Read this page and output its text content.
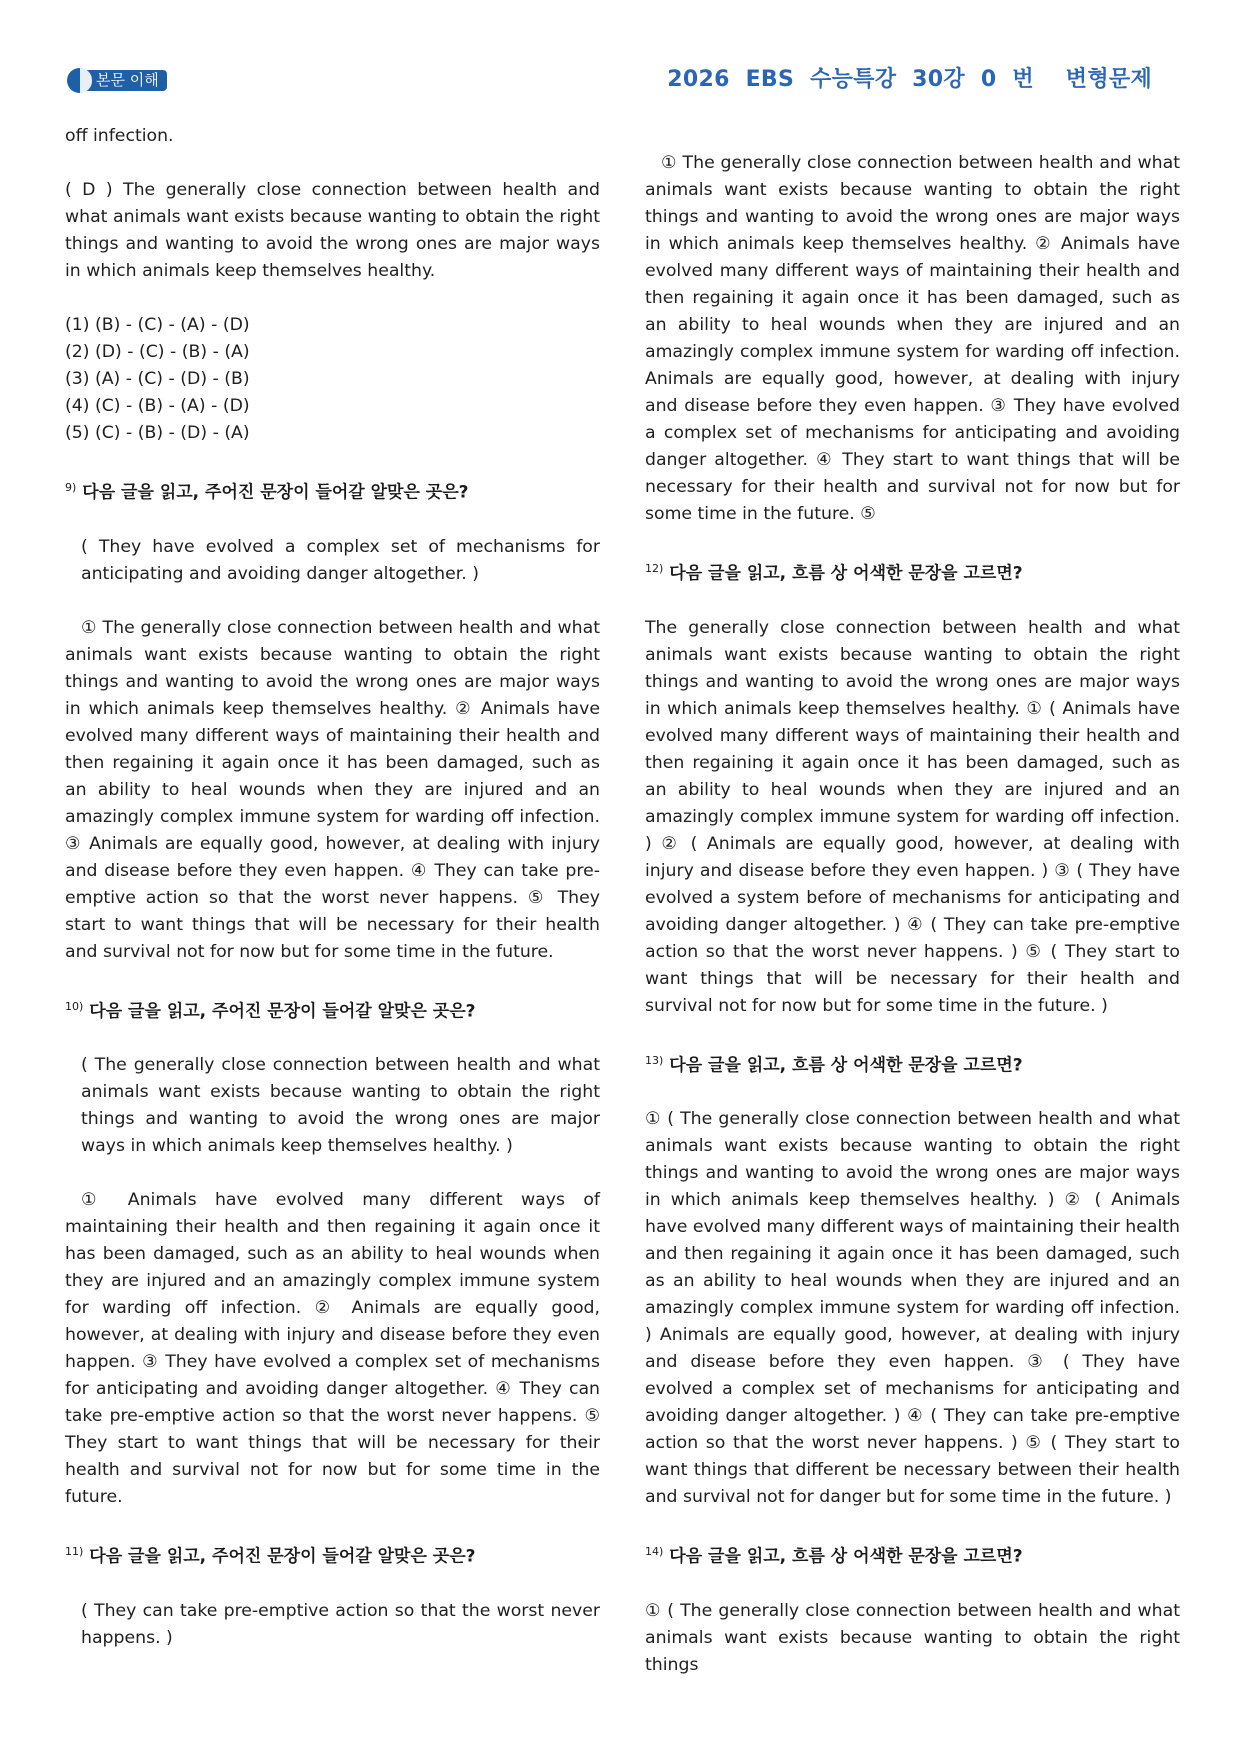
본문 이해	2026  EBS  수능특강  30강  0  번    변형문제

off infection.

( D ) The generally close connection between health and what animals want exists because wanting to obtain the right things and wanting to avoid the wrong ones are major ways in which animals keep themselves healthy.

(1) (B) - (C) - (A) - (D)

(2) (D) - (C) - (B) - (A)

(3) (A) - (C) - (D) - (B)

(4) (C) - (B) - (A) - (D)

(5) (C) - (B) - (D) - (A)

$^{9)}$ 다음 글을 읽고, 주어진 문장이 들어갈 알맞은 곳은?

( They have evolved a complex set of mechanisms for anticipating and avoiding danger altogether. )

① The generally close connection between health and what animals want exists because wanting to obtain the right things and wanting to avoid the wrong ones are major ways in which animals keep themselves healthy. ② Animals have evolved many different ways of maintaining their health and then regaining it again once it has been damaged, such as an ability to heal wounds when they are injured and an amazingly complex immune system for warding off infection. ③ Animals are equally good, however, at dealing with injury and disease before they even happen. ④ They can take pre-emptive action so that the worst never happens. ⑤ They start to want things that will be necessary for their health and survival not for now but for some time in the future.

$^{10)}$ 다음 글을 읽고, 주어진 문장이 들어갈 알맞은 곳은?

( The generally close connection between health and what animals want exists because wanting to obtain the right things and wanting to avoid the wrong ones are major ways in which animals keep themselves healthy. )

① Animals have evolved many different ways of maintaining their health and then regaining it again once it has been damaged, such as an ability to heal wounds when they are injured and an amazingly complex immune system for warding off infection. ② Animals are equally good, however, at dealing with injury and disease before they even happen. ③ They have evolved a complex set of mechanisms for anticipating and avoiding danger altogether. ④ They can take pre-emptive action so that the worst never happens. ⑤ They start to want things that will be necessary for their health and survival not for now but for some time in the future.

$^{11)}$ 다음 글을 읽고, 주어진 문장이 들어갈 알맞은 곳은?

( They can take pre-emptive action so that the worst never happens. )

① The generally close connection between health and what animals want exists because wanting to obtain the right things and wanting to avoid the wrong ones are major ways in which animals keep themselves healthy. ② Animals have evolved many different ways of maintaining their health and then regaining it again once it has been damaged, such as an ability to heal wounds when they are injured and an amazingly complex immune system for warding off infection. Animals are equally good, however, at dealing with injury and disease before they even happen. ③ They have evolved a complex set of mechanisms for anticipating and avoiding danger altogether. ④ They start to want things that will be necessary for their health and survival not for now but for some time in the future. ⑤

$^{12)}$ 다음 글을 읽고, 흐름 상 어색한 문장을 고르면?

The generally close connection between health and what animals want exists because wanting to obtain the right things and wanting to avoid the wrong ones are major ways in which animals keep themselves healthy. ① ( Animals have evolved many different ways of maintaining their health and then regaining it again once it has been damaged, such as an ability to heal wounds when they are injured and an amazingly complex immune system for warding off infection. ) ② ( Animals are equally good, however, at dealing with injury and disease before they even happen. ) ③ ( They have evolved a system before of mechanisms for anticipating and avoiding danger altogether. ) ④ ( They can take pre-emptive action so that the worst never happens. ) ⑤ ( They start to want things that will be necessary for their health and survival not for now but for some time in the future. )

$^{13)}$ 다음 글을 읽고, 흐름 상 어색한 문장을 고르면?

① ( The generally close connection between health and what animals want exists because wanting to obtain the right things and wanting to avoid the wrong ones are major ways in which animals keep themselves healthy. ) ② ( Animals have evolved many different ways of maintaining their health and then regaining it again once it has been damaged, such as an ability to heal wounds when they are injured and an amazingly complex immune system for warding off infection. ) Animals are equally good, however, at dealing with injury and disease before they even happen. ③ ( They have evolved a complex set of mechanisms for anticipating and avoiding danger altogether. ) ④ ( They can take pre-emptive action so that the worst never happens. ) ⑤ ( They start to want things that different be necessary between their health and survival not for danger but for some time in the future. )

$^{14)}$ 다음 글을 읽고, 흐름 상 어색한 문장을 고르면?

① ( The generally close connection between health and what animals want exists because wanting to obtain the right things
